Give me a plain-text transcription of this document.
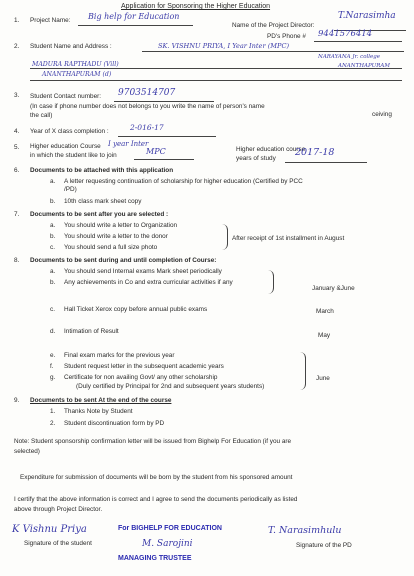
Application for Sponsoring the Higher Education
1. Project Name: Big help for Education
Name of the Project Director:
T.Narasimha
PD's Phone # 9441576414
2. Student Name and Address :	SK. VISHNU PRIYA, I Year Inter (MPC)
NARAYANA Jr. college
MADURA RAPTHADU (Vill)	ANANTHAPURAM
ANANTHAPURAM (d)
3. Student Contact number: 9703514707
(In case if phone number does not belongs to you write the name of person's name
ceiving
the call)
4. Year of X class completion :	2-016-17
5. Higher education Course I year Inter
in which the student like to join	MPC	Higher education course
years of study
2017-18
6. Documents to be attached with this application
a. A letter requesting continuation of scholarship for higher education (Certified by PCC
/PD)
b. 10th class mark sheet copy
7. Documents to be sent after you are selected :
a. You should write a letter to Organization
b. You should write a letter to the donor
c. You should send a full size photo
After receipt of 1st installment in August
8. Documents to be sent during and until completion of Course:
a. You should send Internal exams Mark sheet periodically
b. Any achievements in Co and extra curricular activities if any
January &June
c. Hall Ticket Xerox copy before annual public exams	March
d. Intimation of Result
May
e. Final exam marks for the previous year
f. Student request letter in the subsequent academic years
g. Certificate for non availing Govt/ any other scholarship
(Duly certified by Principal for 2nd and subsequent years students)
June
9. Documents to be sent At the end of the course
1. Thanks Note by Student
2. Student discontinuation form by PD
Note: Student sponsorship confirmation letter will be issued from Bighelp For Education (if you are
selected)
Expenditure for submission of documents will be born by the student from his sponsored amount
I certify that the above information is correct and I agree to send the documents periodically as listed
above through Project Director.
K Vishnu Priya
Signature of the student
For BIGHELP FOR EDUCATION
M. Sarojini
MANAGING TRUSTEE
T. Narasimhulu
Signature of the PD
